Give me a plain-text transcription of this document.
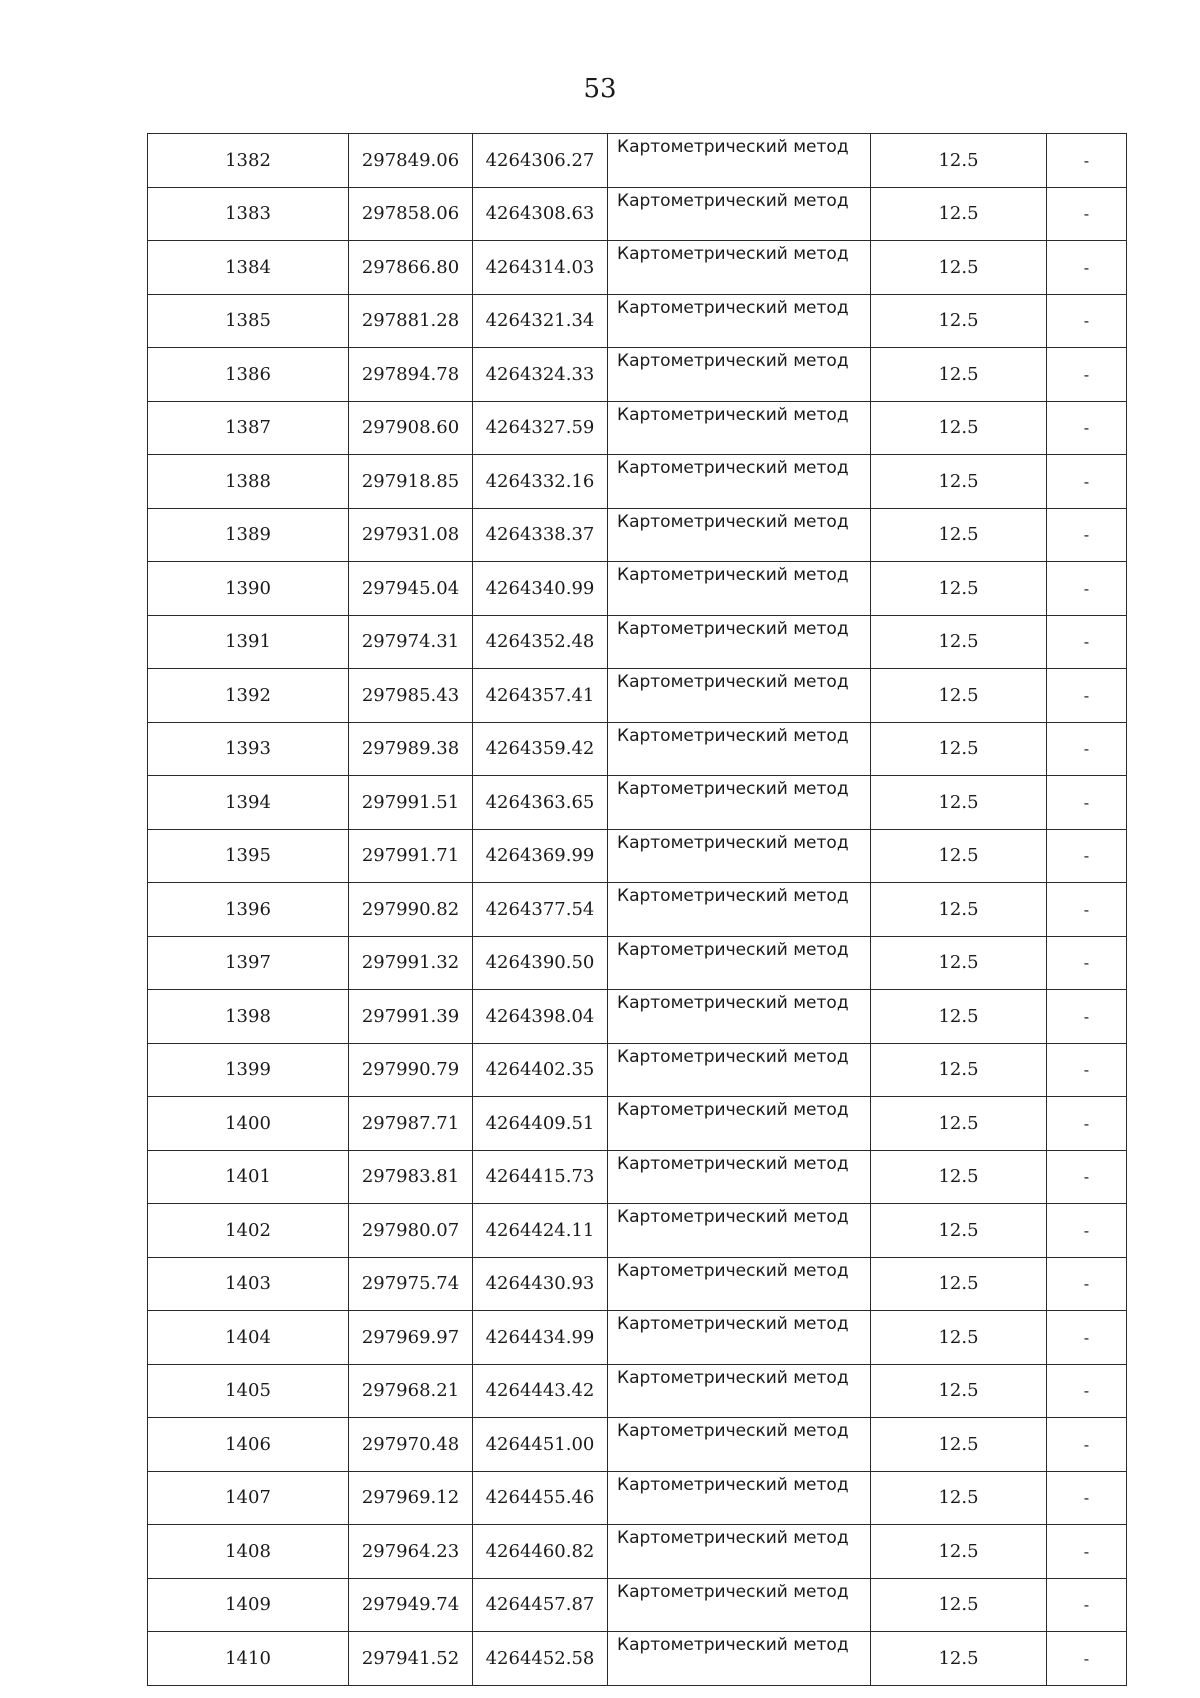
53
1382	297849.06	4264306.27	Картометрический метод	12.5	-
1383	297858.06	4264308.63	Картометрический метод	12.5	-
1384	297866.80	4264314.03	Картометрический метод	12.5	-
1385	297881.28	4264321.34	Картометрический метод	12.5	-
1386	297894.78	4264324.33	Картометрический метод	12.5	-
1387	297908.60	4264327.59	Картометрический метод	12.5	-
1388	297918.85	4264332.16	Картометрический метод	12.5	-
1389	297931.08	4264338.37	Картометрический метод	12.5	-
1390	297945.04	4264340.99	Картометрический метод	12.5	-
1391	297974.31	4264352.48	Картометрический метод	12.5	-
1392	297985.43	4264357.41	Картометрический метод	12.5	-
1393	297989.38	4264359.42	Картометрический метод	12.5	-
1394	297991.51	4264363.65	Картометрический метод	12.5	-
1395	297991.71	4264369.99	Картометрический метод	12.5	-
1396	297990.82	4264377.54	Картометрический метод	12.5	-
1397	297991.32	4264390.50	Картометрический метод	12.5	-
1398	297991.39	4264398.04	Картометрический метод	12.5	-
1399	297990.79	4264402.35	Картометрический метод	12.5	-
1400	297987.71	4264409.51	Картометрический метод	12.5	-
1401	297983.81	4264415.73	Картометрический метод	12.5	-
1402	297980.07	4264424.11	Картометрический метод	12.5	-
1403	297975.74	4264430.93	Картометрический метод	12.5	-
1404	297969.97	4264434.99	Картометрический метод	12.5	-
1405	297968.21	4264443.42	Картометрический метод	12.5	-
1406	297970.48	4264451.00	Картометрический метод	12.5	-
1407	297969.12	4264455.46	Картометрический метод	12.5	-
1408	297964.23	4264460.82	Картометрический метод	12.5	-
1409	297949.74	4264457.87	Картометрический метод	12.5	-
1410	297941.52	4264452.58	Картометрический метод	12.5	-
